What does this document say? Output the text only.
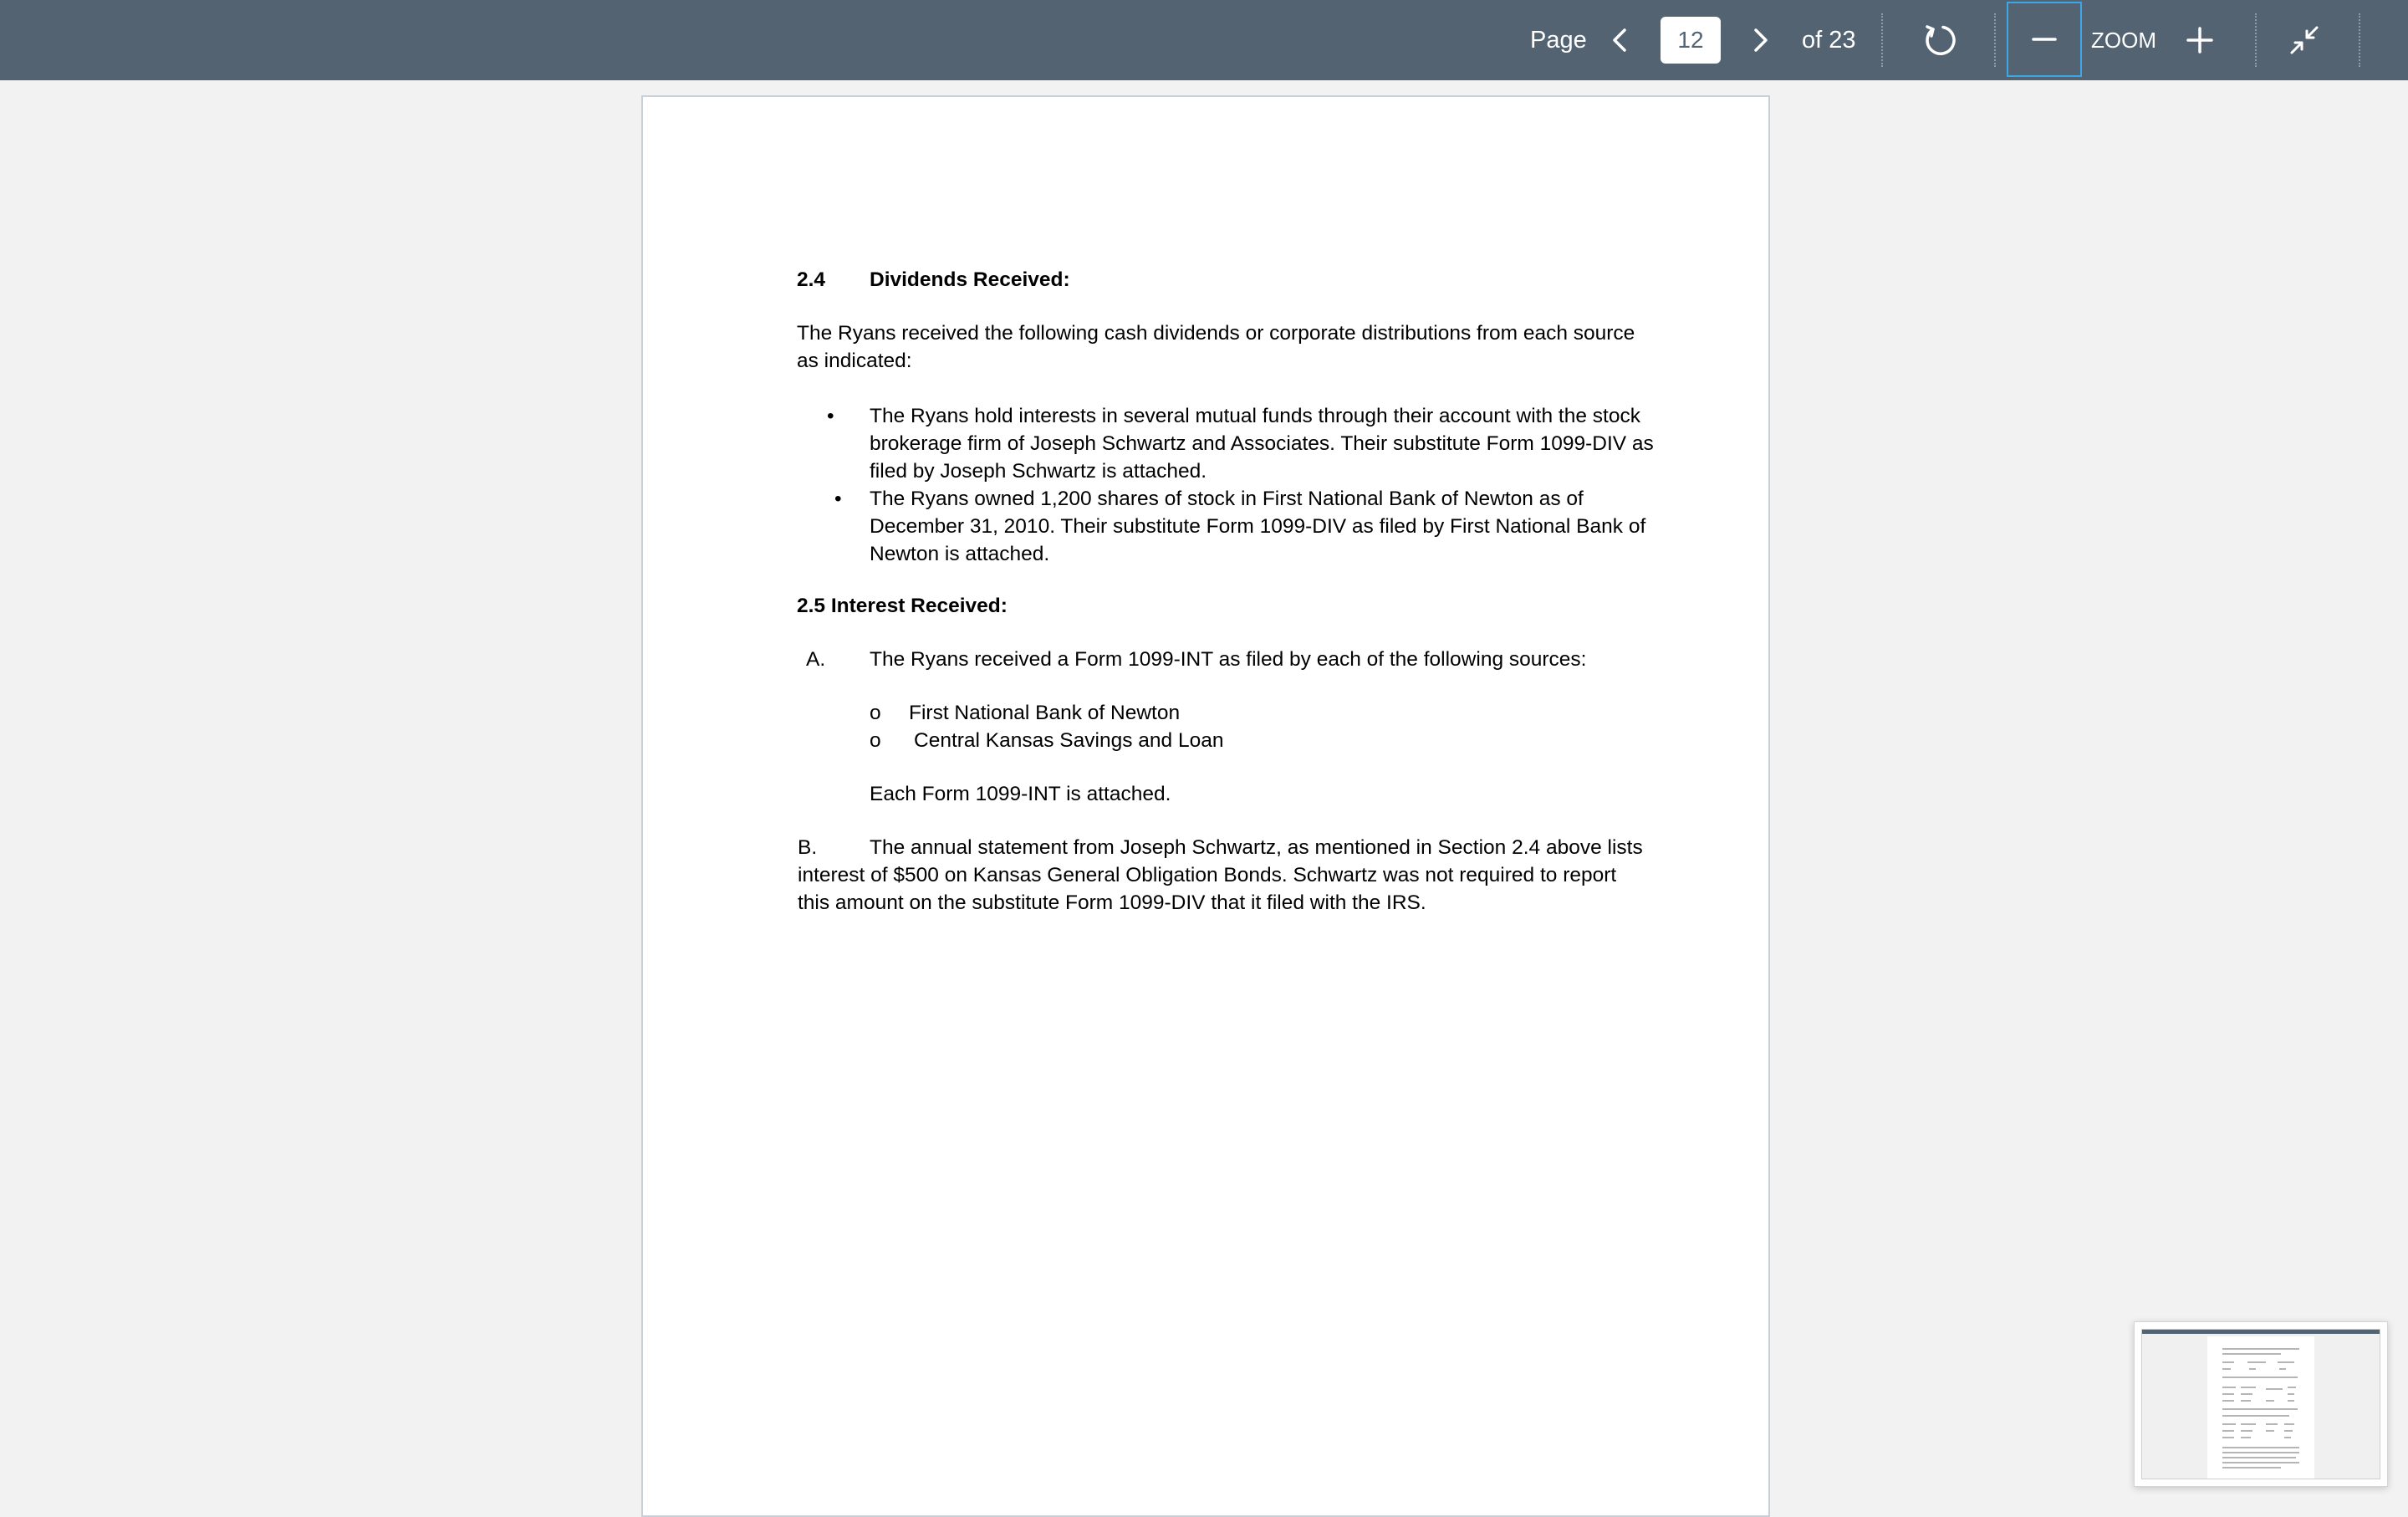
Page
12	of 23	ZOOM
2.4 Dividends Received:
The Ryans received the following cash dividends or corporate distributions from each source
as indicated:
• The Ryans hold interests in several mutual funds through their account with the stock
brokerage firm of Joseph Schwartz and Associates. Their substitute Form 1099-DIV as
filed by Joseph Schwartz is attached.
• The Ryans owned 1,200 shares of stock in First National Bank of Newton as of
December 31, 2010. Their substitute Form 1099-DIV as filed by First National Bank of
Newton is attached.
2.5 Interest Received:
A. The Ryans received a Form 1099-INT as filed by each of the following sources:
o First National Bank of Newton
o Central Kansas Savings and Loan
Each Form 1099-INT is attached.
B.	The annual statement from Joseph Schwartz, as mentioned in Section 2.4 above lists
interest of $500 on Kansas General Obligation Bonds. Schwartz was not required to report
this amount on the substitute Form 1099-DIV that it filed with the IRS.
